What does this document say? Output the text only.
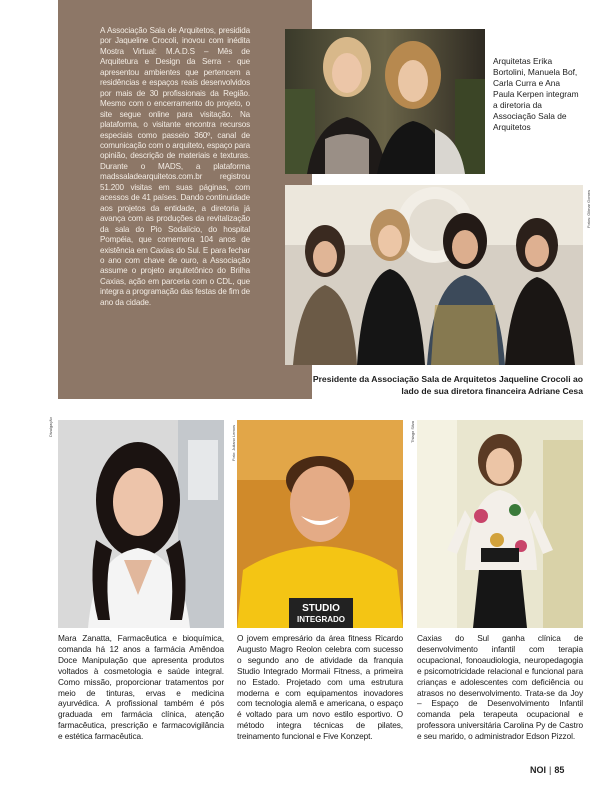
A Associação Sala de Arquitetos, presidida por Jaqueline Crocoli, inovou com inédita Mostra Virtual: M.A.D.S – Mês de Arquitetura e Design da Serra - que apresentou ambientes que pertencem a residências e espaços reais desenvolvidos por mais de 30 profissionais da Região. Mesmo com o encerramento do projeto, o site segue online para visitação. Na plataforma, o visitante encontra recursos especiais como passeio 360º, canal de comunicação com o arquiteto, espaço para opinião, descrição de materiais e texturas. Durante o MADS, a plataforma madssaladearquitetos.com.br registrou 51.200 visitas em suas páginas, com acessos de 41 países. Dando continuidade aos projetos da entidade, a diretoria já avança com as produções da revitalização da sala do Pio Sodalício, do hospital Pompéia, que comemora 104 anos de existência em Caxias do Sul. E para fechar o ano com chave de ouro, a Associação assume o projeto arquitetônico do Brilha Caxias, ação em parceria com o CDL, que integra a programação das festas de fim de ano da cidade.
Arquitetas Erika Bortolini, Manuela Bof, Carla Curra e Ana Paula Kerpen integram a diretoria da Associação Sala de Arquitetos
Fotos: Gilmar Gomes
Presidente da Associação Sala de Arquitetos Jaqueline Crocoli ao lado de sua diretora financeira Adriane Cesa
Divulgação	Foto: Juliano Lemos
STUDIO
INTEGRADO
Thiago Silva
Mara Zanatta, Farmacêutica e bioquímica, comanda há 12 anos a farmácia Amêndoa Doce Manipulação que apresenta produtos voltados à cosmetologia e saúde integral. Como missão, proporcionar tratamentos por meio de tinturas, ervas e medicina ayurvédica. A profissional também é pós graduada em farmácia clínica, atenção farmacêutica, prescrição e farmacovigilância e estética farmacêutica.
O jovem empresário da área fitness Ricardo Augusto Magro Reolon celebra com sucesso o segundo ano de atividade da franquia Studio Integrado Mormaii Fitness, a primeira no Estado. Projetado com uma estrutura moderna e com equipamentos inovadores com tecnologia alemã e americana, o espaço é voltado para um novo estilo esportivo. O método integra técnicas de pilates, treinamento funcional e Five Konzept.
Caxias do Sul ganha clínica de desenvolvimento infantil com terapia ocupacional, fonoaudiologia, neuropedagogia e psicomotricidade relacional e funcional para crianças e adolescentes com deficiência ou atrasos no desenvolvimento. Trata-se da Joy – Espaço de Desenvolvimento Infantil comanda pela terapeuta ocupacional e professora universitária Carolina Py de Castro e seu marido, o administrador Edson Pizzol.
NOI | 85
